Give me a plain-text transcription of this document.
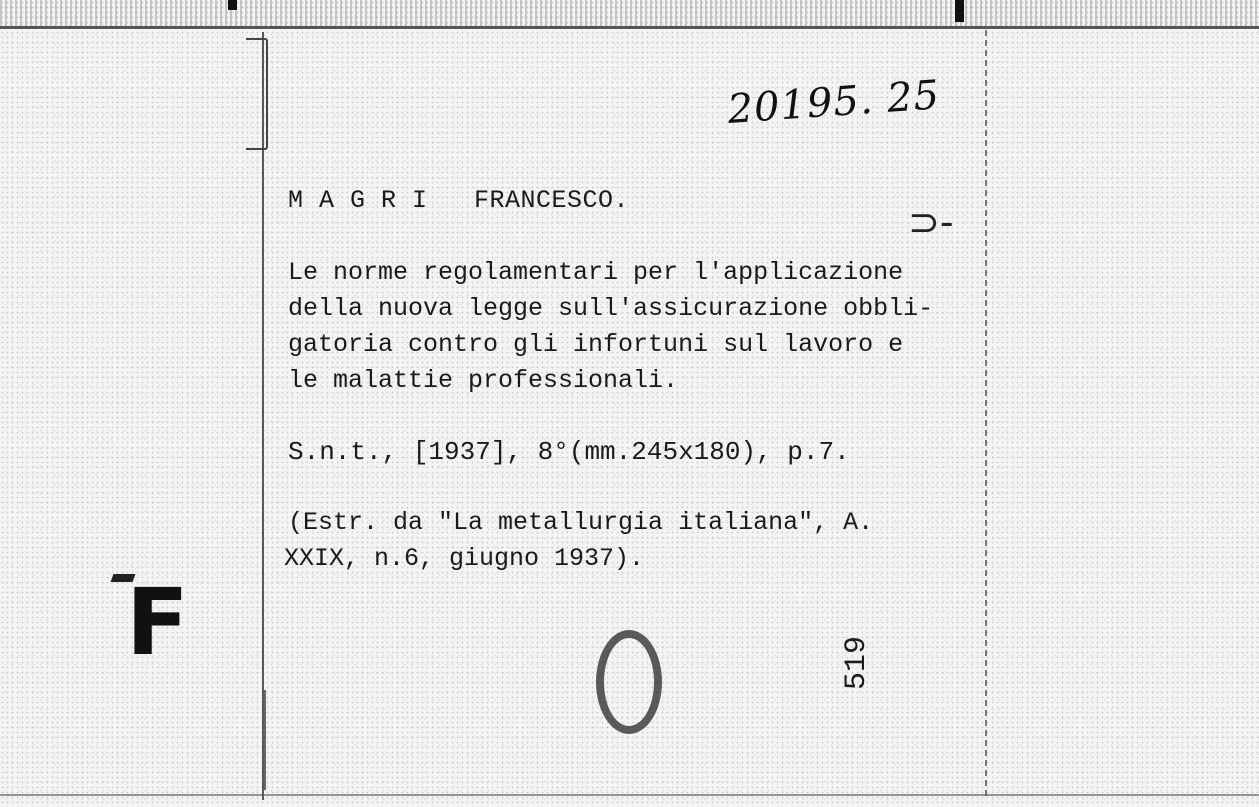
20195. 25
⊃-
M A G R I   FRANCESCO.
Le norme regolamentari per l'applicazione
della nuova legge sull'assicurazione obbli-
gatoria contro gli infortuni sul lavoro e
le malattie professionali.
S.n.t., [1937], 8°(mm.245x180), p.7.
(Estr. da "La metallurgia italiana", A.
XXIX, n.6, giugno 1937).
519
F
